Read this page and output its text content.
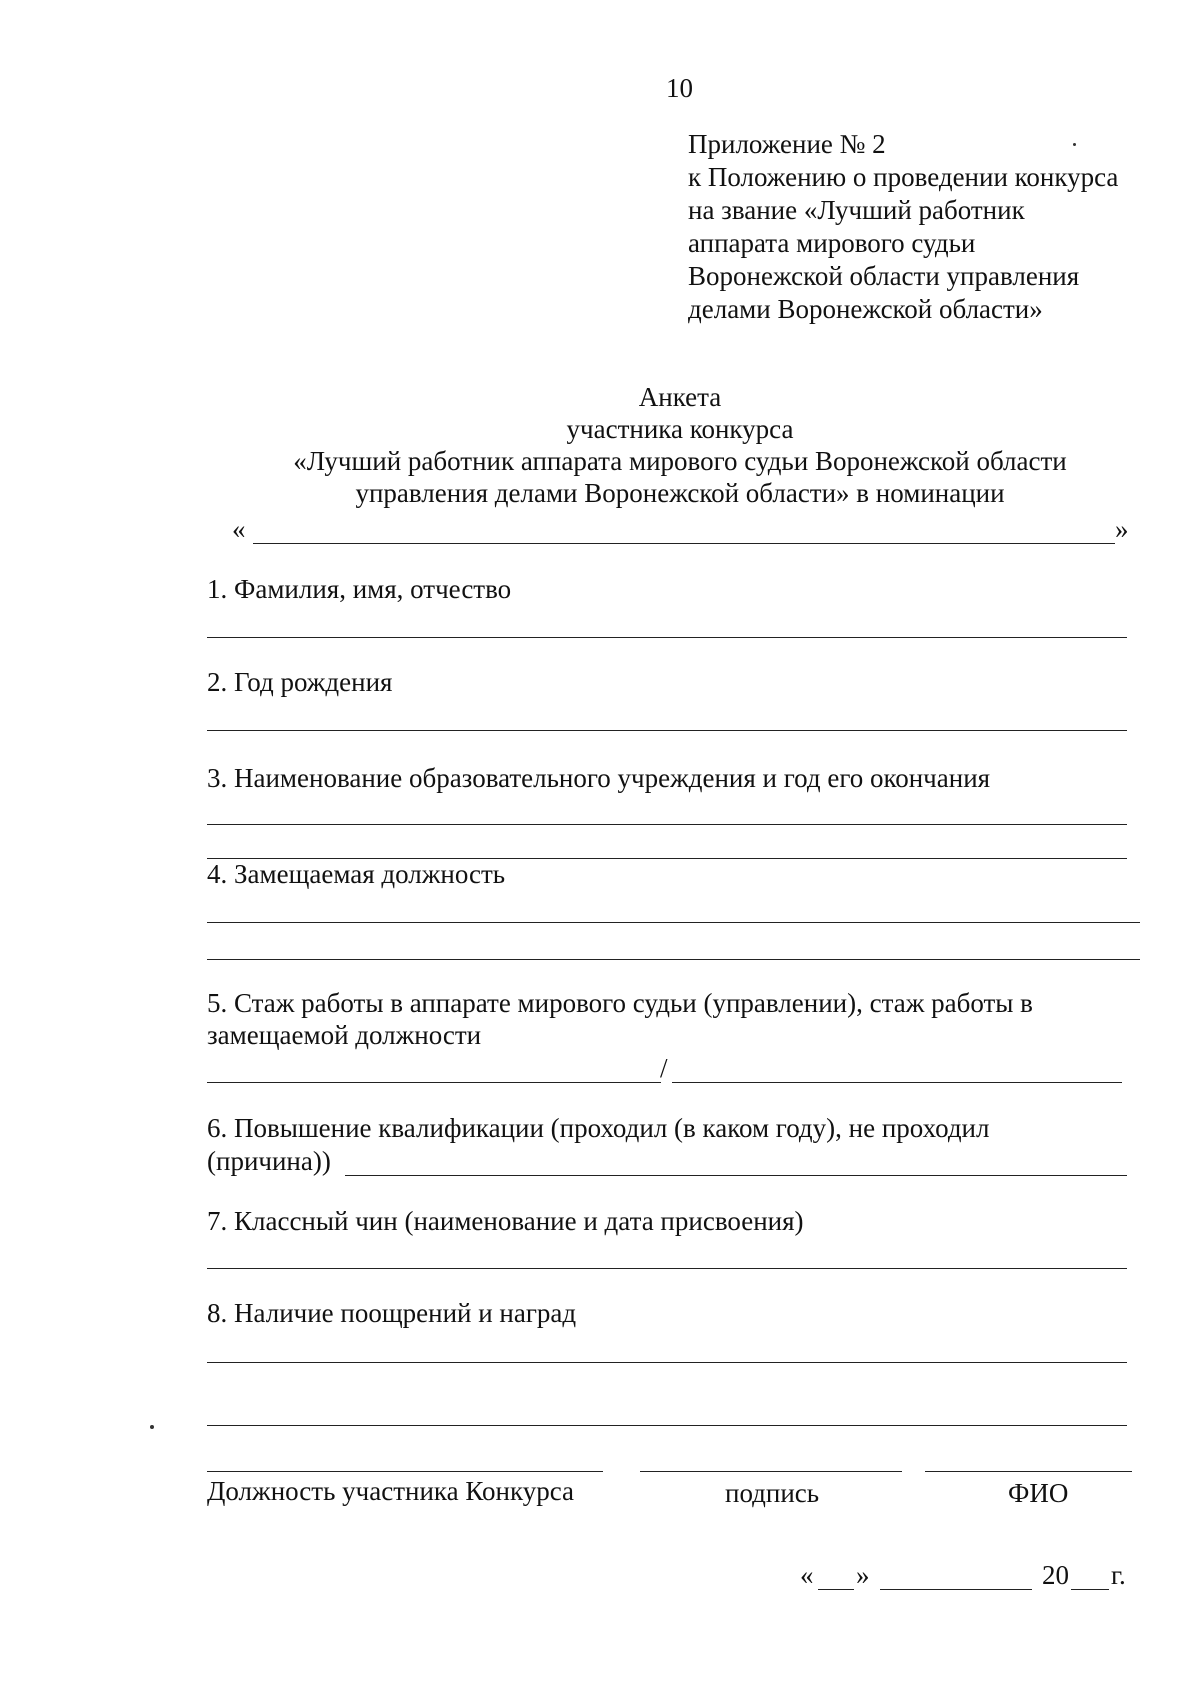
10
Приложение № 2
к Положению о проведении конкурса
на звание «Лучший работник
аппарата мирового судьи
Воронежской области управления
делами Воронежской области»
Анкета
участника конкурса
«Лучший работник аппарата мирового судьи Воронежской области
управления делами Воронежской области» в номинации
«	»
1. Фамилия, имя, отчество
2. Год рождения
3. Наименование образовательного учреждения и год его окончания
4. Замещаемая должность
5. Стаж работы в аппарате мирового судьи (управлении), стаж работы в
замещаемой должности
/
6. Повышение квалификации (проходил (в каком году), не проходил
(причина))
7. Классный чин (наименование и дата присвоения)
8. Наличие поощрений и наград
Должность участника Конкурса	подпись	ФИО
« »	20 г.
